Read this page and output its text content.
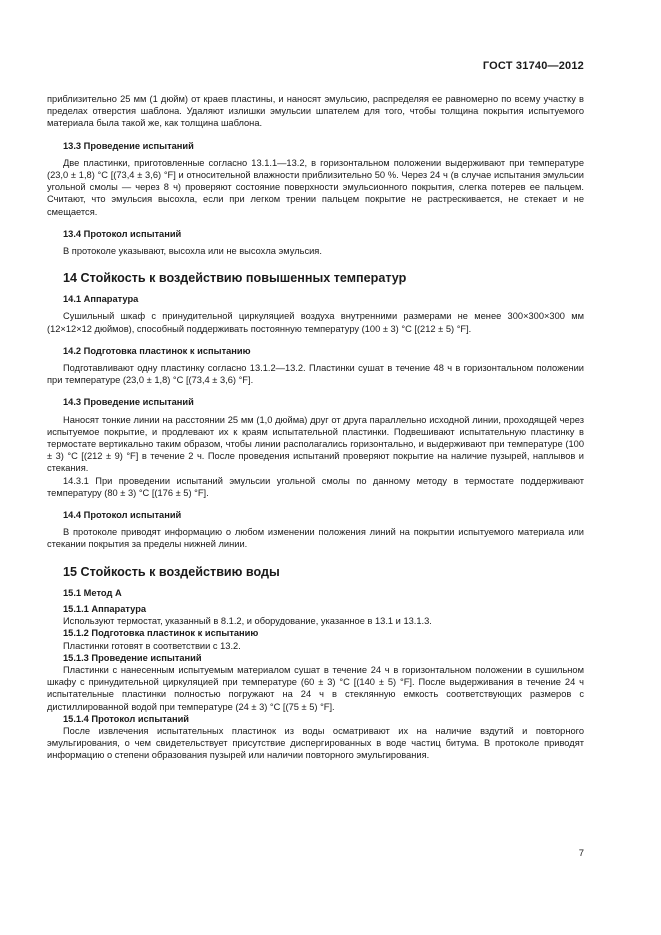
ГОСТ 31740—2012

приблизительно 25 мм (1 дюйм) от краев пластины, и наносят эмульсию, распределяя ее равномерно по всему участку в пределах отверстия шаблона. Удаляют излишки эмульсии шпателем для того, чтобы толщина покрытия испытуемого материала была такой же, как толщина шаблона.

13.3 Проведение испытаний

Две пластинки, приготовленные согласно 13.1.1—13.2, в горизонтальном положении выдерживают при температуре (23,0 ± 1,8) °C [(73,4 ± 3,6) °F] и относительной влажности приблизительно 50 %. Через 24 ч (в случае испытания эмульсии угольной смолы — через 8 ч) проверяют состояние поверхности эмульсионного покрытия, слегка потерев ее пальцем. Считают, что эмульсия высохла, если при легком трении пальцем покрытие не растрескивается, не стекает и не смещается.

13.4 Протокол испытаний

В протоколе указывают, высохла или не высохла эмульсия.

14 Стойкость к воздействию повышенных температур
14.1 Аппаратура

Сушильный шкаф с принудительной циркуляцией воздуха внутренними размерами не менее 300×300×300 мм (12×12×12 дюймов), способный поддерживать постоянную температуру (100 ± 3) °C [(212 ± 5) °F].

14.2 Подготовка пластинок к испытанию

Подготавливают одну пластинку согласно 13.1.2—13.2. Пластинки сушат в течение 48 ч в горизонтальном положении при температуре (23,0 ± 1,8) °C [(73,4 ± 3,6) °F].

14.3 Проведение испытаний

Наносят тонкие линии на расстоянии 25 мм (1,0 дюйма) друг от друга параллельно исходной линии, проходящей через испытуемое покрытие, и продлевают их к краям испытательной пластинки. Подвешивают испытательную пластинку в термостате вертикально таким образом, чтобы линии располагались горизонтально, и выдерживают при температуре (100 ± 3) °C [(212 ± 9) °F] в течение 2 ч. После проведения испытаний проверяют покрытие на наличие пузырей, наплывов и стекания.

14.3.1 При проведении испытаний эмульсии угольной смолы по данному методу в термостате поддерживают температуру (80 ± 3) °C [(176 ± 5) °F].

14.4 Протокол испытаний

В протоколе приводят информацию о любом изменении положения линий на покрытии испытуемого материала или стекании покрытия за пределы нижней линии.

15 Стойкость к воздействию воды
15.1 Метод А
15.1.1 Аппаратура

Используют термостат, указанный в 8.1.2, и оборудование, указанное в 13.1 и 13.1.3.

15.1.2 Подготовка пластинок к испытанию

Пластинки готовят в соответствии с 13.2.

15.1.3 Проведение испытаний

Пластинки с нанесенным испытуемым материалом сушат в течение 24 ч в горизонтальном положении в сушильном шкафу с принудительной циркуляцией при температуре (60 ± 3) °C [(140 ± 5) °F]. После выдерживания в течение 24 ч испытательные пластинки полностью погружают на 24 ч в стеклянную емкость соответствующих размеров с дистиллированной водой при температуре (24 ± 3) °C [(75 ± 5) °F].

15.1.4 Протокол испытаний

После извлечения испытательных пластинок из воды осматривают их на наличие вздутий и повторного эмульгирования, о чем свидетельствует присутствие диспергированных в воде частиц битума. В протоколе приводят информацию о степени образования пузырей или наличии повторного эмульгирования.

7
